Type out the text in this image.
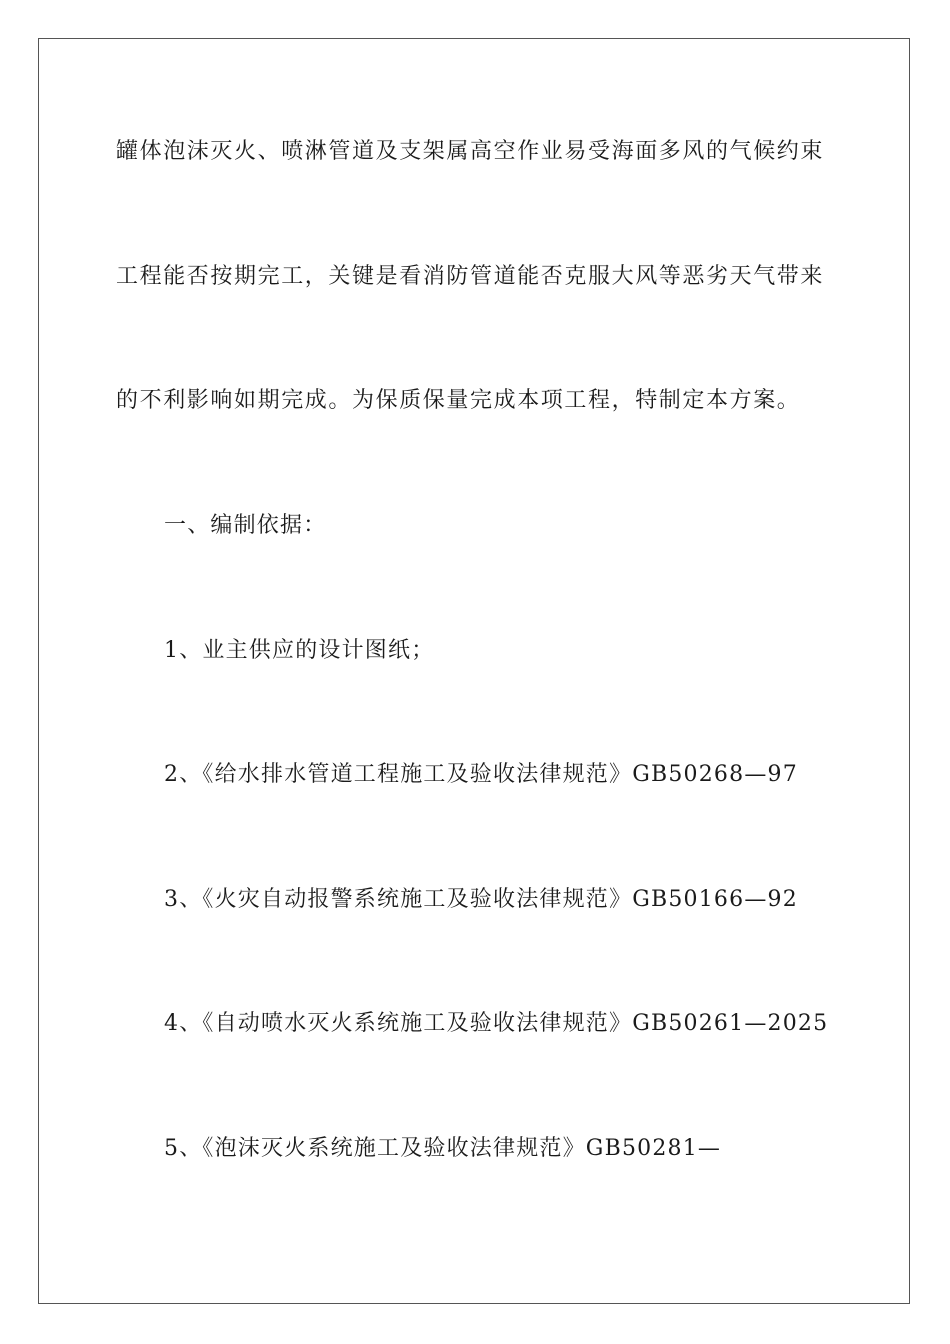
罐体泡沫灭火、喷淋管道及支架属高空作业易受海面多风的气候约束
工程能否按期完工，关键是看消防管道能否克服大风等恶劣天气带来
的不利影响如期完成。为保质保量完成本项工程，特制定本方案。
一、编制依据：
1、业主供应的设计图纸；
2、《给水排水管道工程施工及验收法律规范》GB50268—97
3、《火灾自动报警系统施工及验收法律规范》GB50166—92
4、《自动喷水灭火系统施工及验收法律规范》GB50261—2025
5、《泡沫灭火系统施工及验收法律规范》GB50281—
